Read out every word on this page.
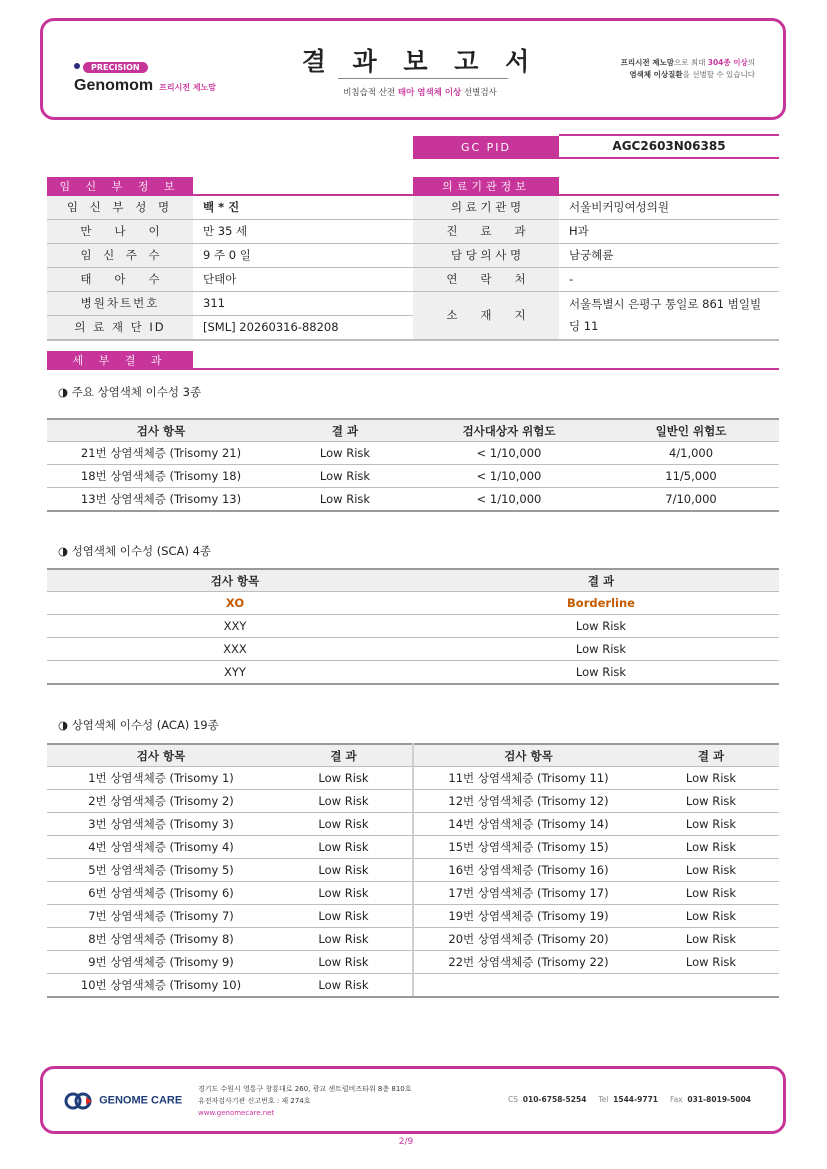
PRECISION
Genomom 프리시전 제노맘
결 과 보 고 서
비침습적 산전 태아 염색체 이상 선별검사
프리시전 제노맘으로 최대 304종 이상의
염색체 이상질환을 선별할 수 있습니다
GC PID	AGC2603N06385
임 신 부 정 보	의료기관정보
임 신 부 성 명	백 * 진
만　　나　　이	만 35 세
임　신　주　수	9 주 0 일
태　　아　　수	단태아
병원차트번호	311
의 료 재 단 ID	[SML] 20260316-88208
의 료 기 관 명	서울비커밍여성의원
진　　료　　과	H과
담 당 의 사 명	남궁혜륜
연　　락　　처	-
소　　재　　지
서울특별시 은평구 통일로 861 범일빌딩 11
세 부 결 과
◑ 주요 상염색체 이수성 3종
검사 항목	결 과	검사대상자 위험도	일반인 위험도
21번 상염색체증 (Trisomy 21)	Low Risk	< 1/10,000	4/1,000
18번 상염색체증 (Trisomy 18)	Low Risk	< 1/10,000	11/5,000
13번 상염색체증 (Trisomy 13)	Low Risk	< 1/10,000	7/10,000
◑ 성염색체 이수성 (SCA) 4종
검사 항목	결 과
XO	Borderline
XXY	Low Risk
XXX	Low Risk
XYY	Low Risk
◑ 상염색체 이수성 (ACA) 19종
검사 항목	결 과	검사 항목	결 과
1번 상염색체증 (Trisomy 1)	Low Risk	11번 상염색체증 (Trisomy 11)	Low Risk
2번 상염색체증 (Trisomy 2)	Low Risk	12번 상염색체증 (Trisomy 12)	Low Risk
3번 상염색체증 (Trisomy 3)	Low Risk	14번 상염색체증 (Trisomy 14)	Low Risk
4번 상염색체증 (Trisomy 4)	Low Risk	15번 상염색체증 (Trisomy 15)	Low Risk
5번 상염색체증 (Trisomy 5)	Low Risk	16번 상염색체증 (Trisomy 16)	Low Risk
6번 상염색체증 (Trisomy 6)	Low Risk	17번 상염색체증 (Trisomy 17)	Low Risk
7번 상염색체증 (Trisomy 7)	Low Risk	19번 상염색체증 (Trisomy 19)	Low Risk
8번 상염색체증 (Trisomy 8)	Low Risk	20번 상염색체증 (Trisomy 20)	Low Risk
9번 상염색체증 (Trisomy 9)	Low Risk	22번 상염색체증 (Trisomy 22)	Low Risk
10번 상염색체증 (Trisomy 10)	Low Risk		
GENOME CARE
경기도 수원시 영통구 창룡대로 260, 광교 센트럴비즈타워 8층 810호
유전자검사기관 신고번호 : 제 274호
www.genomecare.net
CS 010-6758-5254 Tel 1544-9771 Fax 031-8019-5004
2/9
